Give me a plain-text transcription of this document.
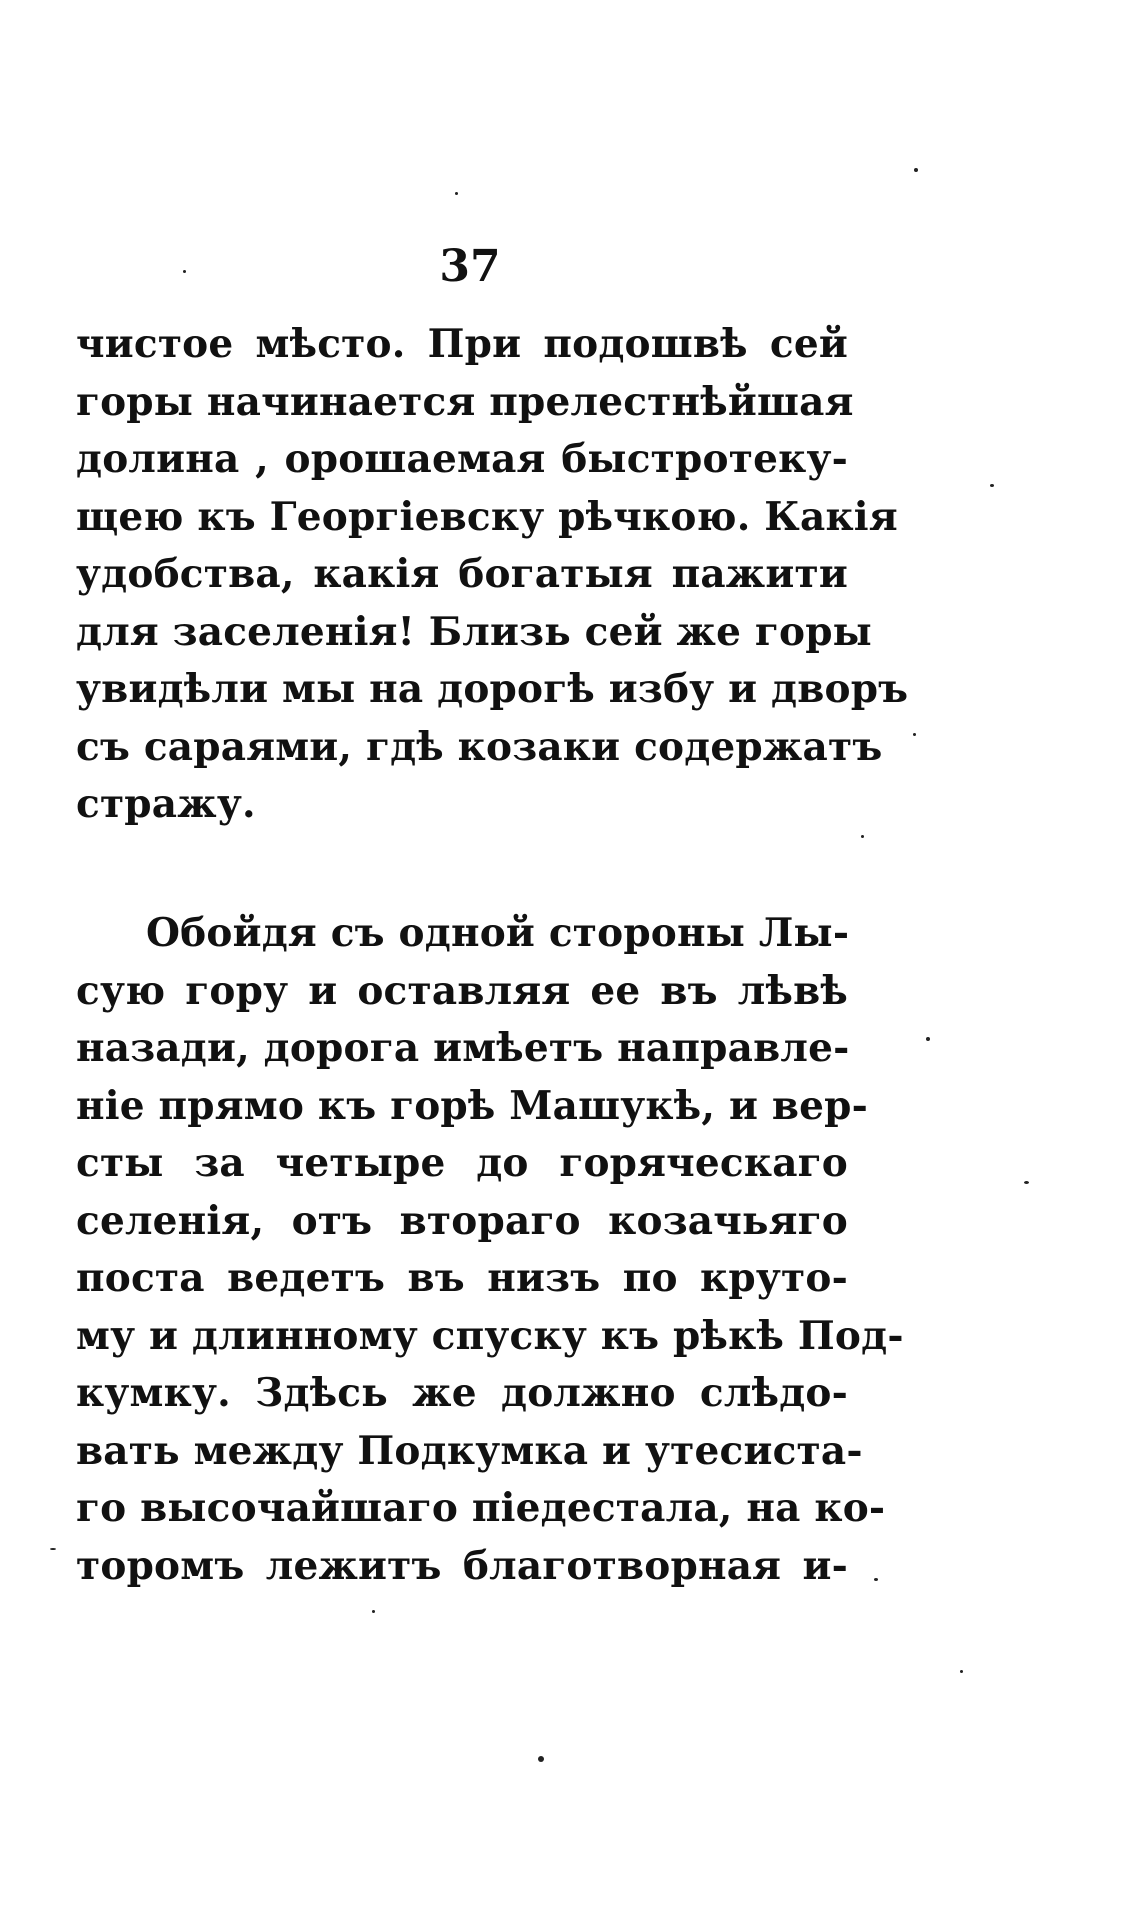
37
чистое мѣсто. При подошвѣ сей
горы начинается прелестнѣйшая
долина , орошаемая быстротеку-
щею къ Георгіевску рѣчкою. Какія
удобства, какія богатыя пажити
для заселенія! Близь сей же горы
увидѣли мы на дорогѣ избу и дворъ
съ сараями, гдѣ козаки содержатъ
стражу.
Обойдя съ одной стороны Лы-
сую гору и оставляя ее въ лѣвѣ
назади, дорога имѣетъ направле-
ніе прямо къ горѣ Машукѣ, и вер-
сты за четыре до горяческаго
селенія, отъ втораго козачьяго
поста ведетъ въ низъ по круто-
му и длинному спуску къ рѣкѣ Под-
кумку. Здѣсь же должно слѣдо-
вать между Подкумка и утесиста-
го высочайшаго піедестала, на ко-
торомъ лежитъ благотворная и-
